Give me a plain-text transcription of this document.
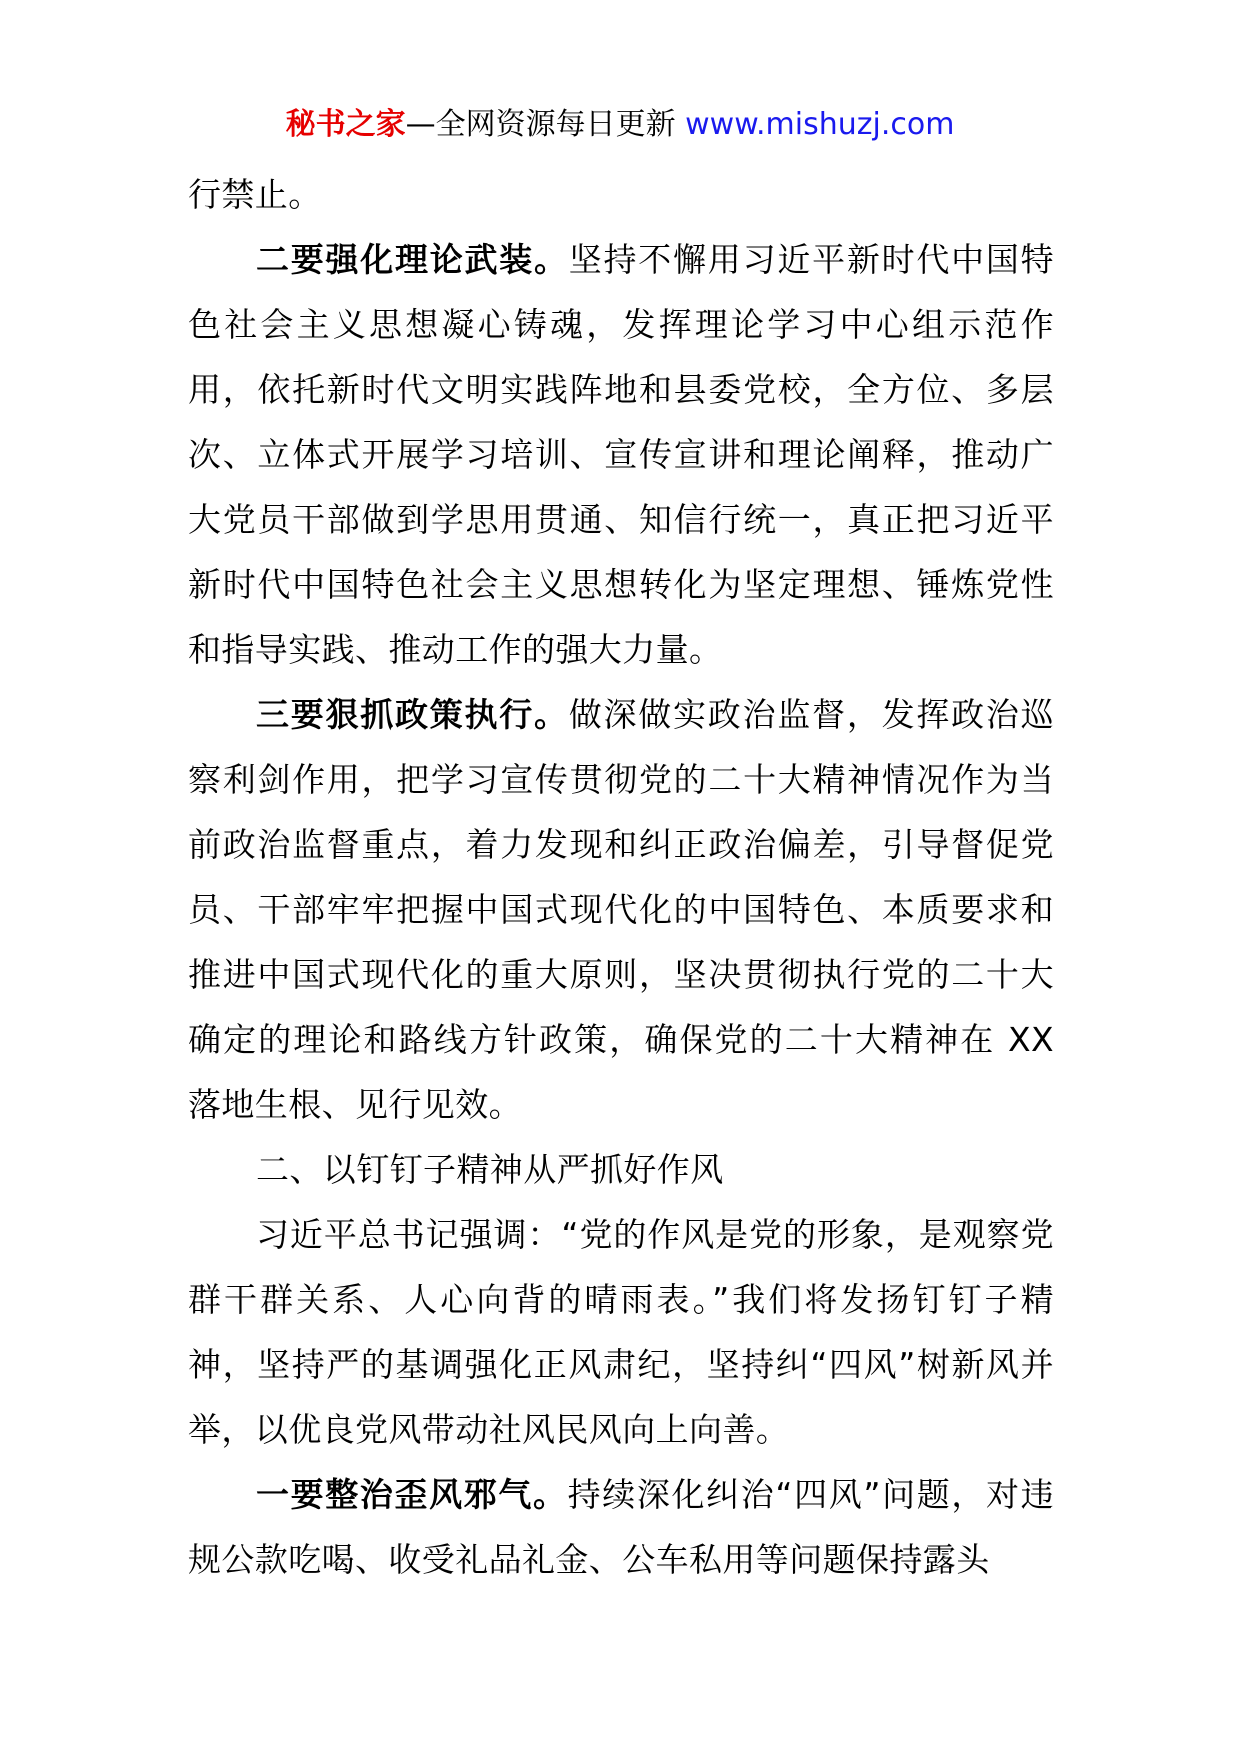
秘书之家—全网资源每日更新 www.mishuzj.com

行禁止。

二要强化理论武装。坚持不懈用习近平新时代中国特色社会主义思想凝心铸魂，发挥理论学习中心组示范作用，依托新时代文明实践阵地和县委党校，全方位、多层次、立体式开展学习培训、宣传宣讲和理论阐释，推动广大党员干部做到学思用贯通、知信行统一，真正把习近平新时代中国特色社会主义思想转化为坚定理想、锤炼党性和指导实践、推动工作的强大力量。

三要狠抓政策执行。做深做实政治监督，发挥政治巡察利剑作用，把学习宣传贯彻党的二十大精神情况作为当前政治监督重点，着力发现和纠正政治偏差，引导督促党员、干部牢牢把握中国式现代化的中国特色、本质要求和推进中国式现代化的重大原则，坚决贯彻执行党的二十大确定的理论和路线方针政策，确保党的二十大精神在 XX 落地生根、见行见效。

二、以钉钉子精神从严抓好作风

习近平总书记强调：“党的作风是党的形象，是观察党群干群关系、人心向背的晴雨表。”我们将发扬钉钉子精神，坚持严的基调强化正风肃纪，坚持纠“四风”树新风并举，以优良党风带动社风民风向上向善。

一要整治歪风邪气。持续深化纠治“四风”问题，对违规公款吃喝、收受礼品礼金、公车私用等问题保持露头
